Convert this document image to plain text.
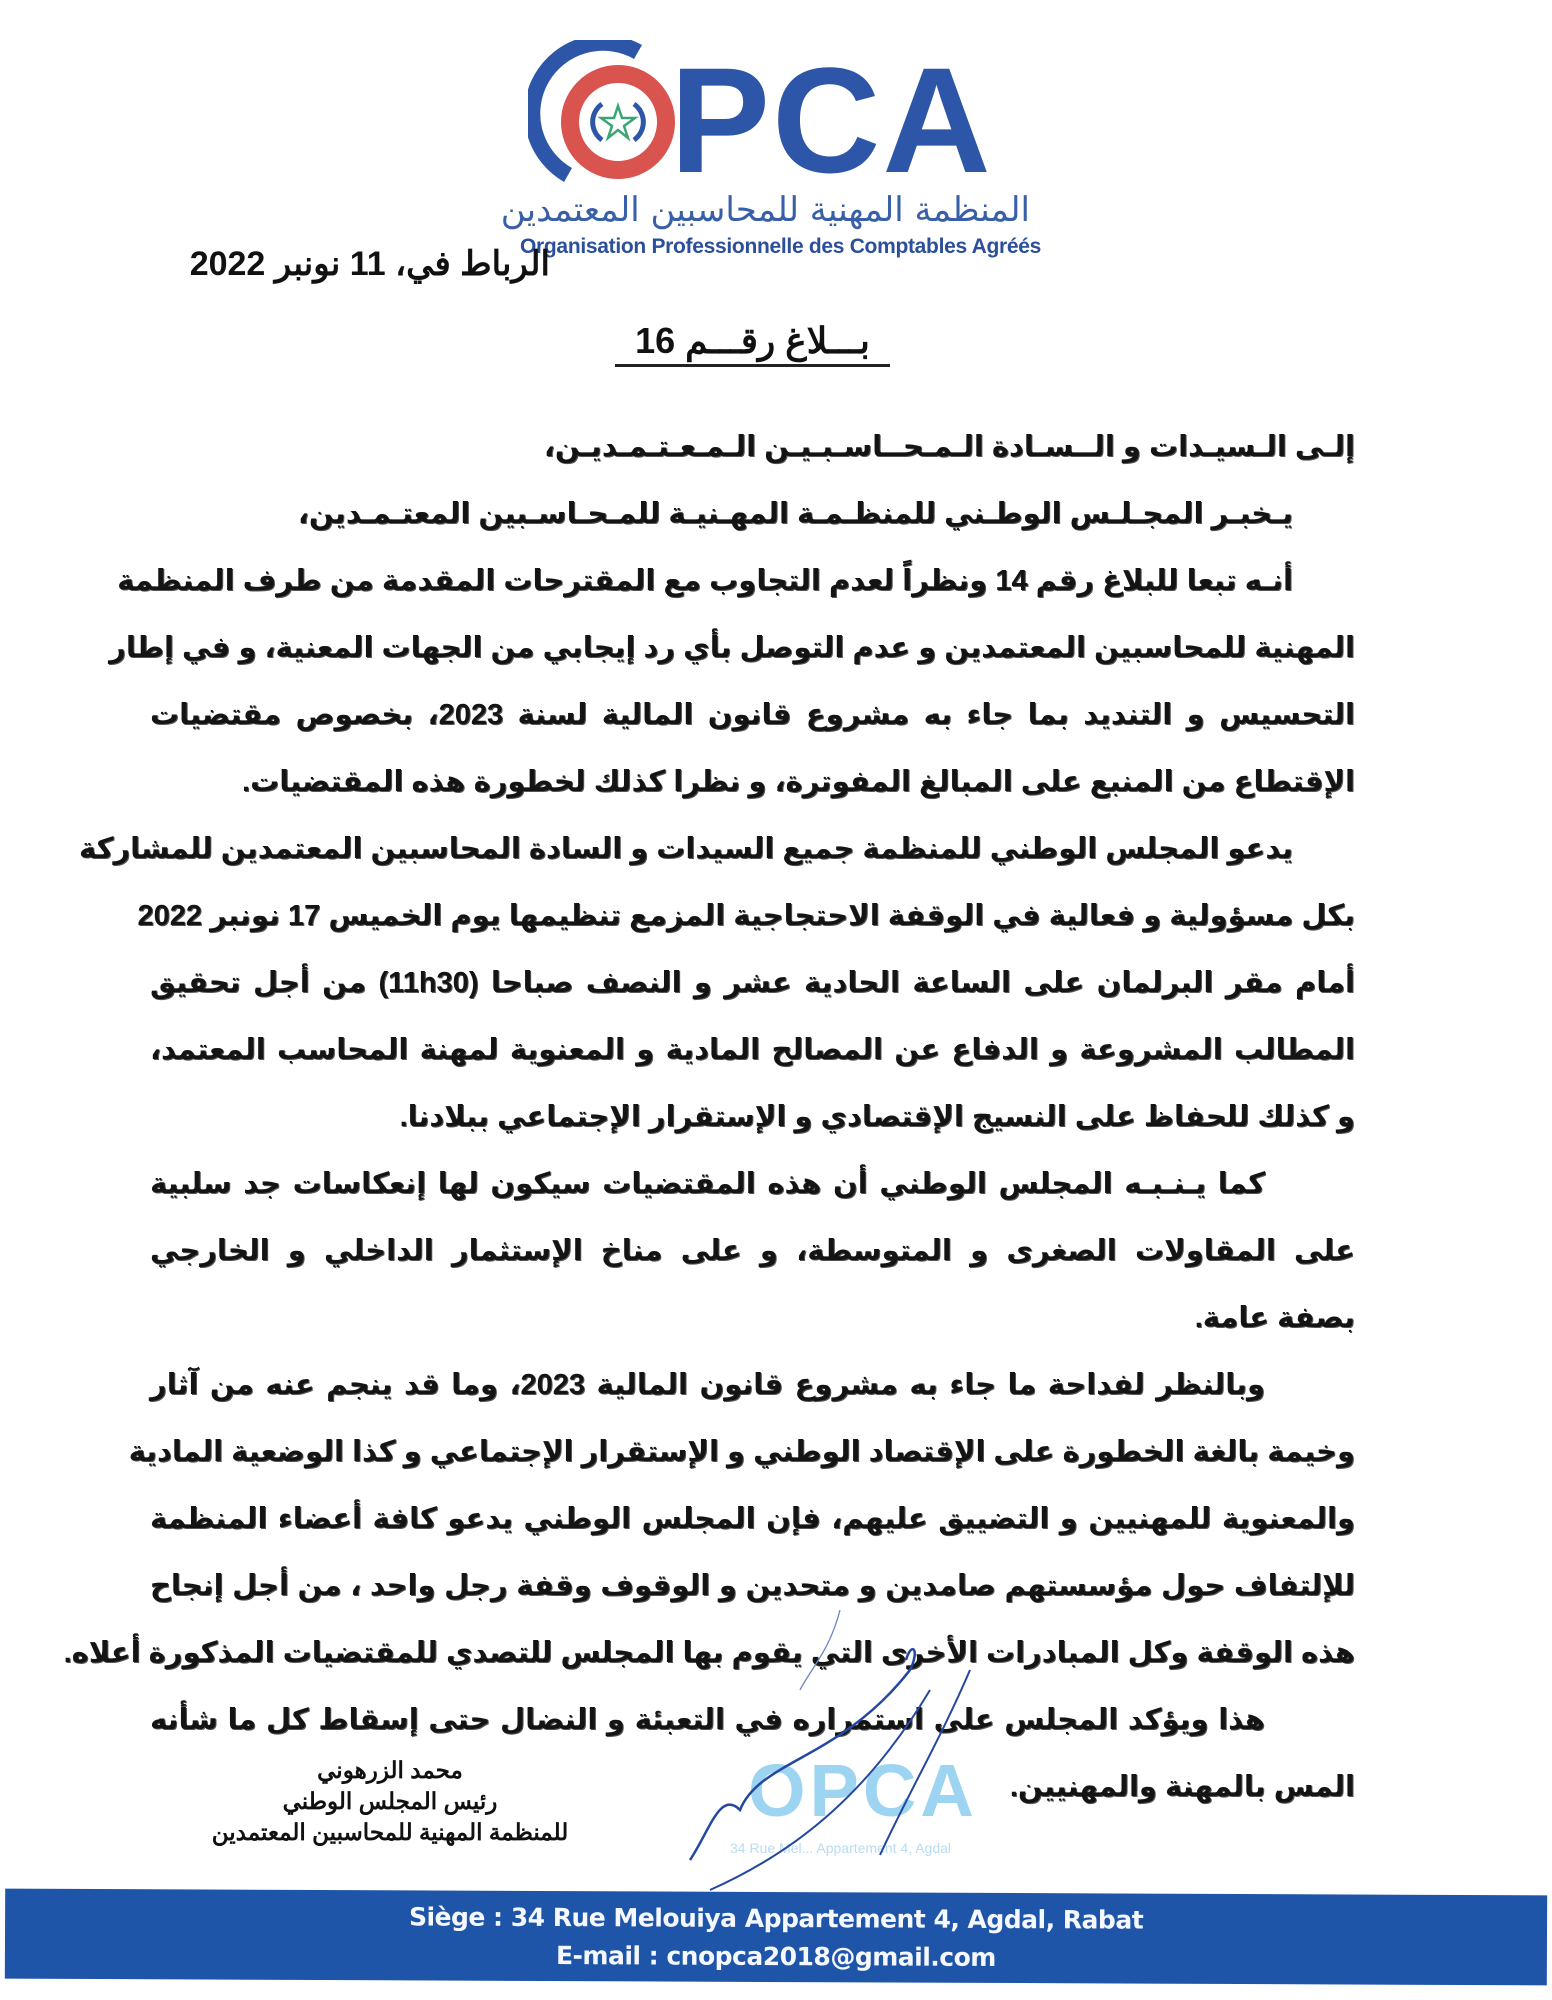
PCA
المنظمة المهنية للمحاسبين المعتمدين
Organisation Professionnelle des Comptables Agréés
الرباط في، 11 نونبر 2022
بـــلاغ رقـــم 16
إلـى الـسيـدات و الــسـادة الـمـحــاسـبـيـن الـمـعـتـمـديـن،
يـخبـر المجـلـس الوطـني للمنظـمـة المهـنيـة للمـحـاسـبين المعتـمـدين،
أنـه تبعا للبلاغ رقم 14 ونظراً لعدم التجاوب مع المقترحات المقدمة من طرف المنظمة
المهنية للمحاسبين المعتمدين و عدم التوصل بأي رد إيجابي من الجهات المعنية، و في إطار
التحسيس و التنديد بما جاء به مشروع قانون المالية لسنة 2023، بخصوص مقتضيات
الإقتطاع من المنبع على المبالغ المفوترة، و نظرا كذلك لخطورة هذه المقتضيات.
يدعو المجلس الوطني للمنظمة جميع السيدات و السادة المحاسبين المعتمدين للمشاركة
بكل مسؤولية و فعالية في الوقفة الاحتجاجية المزمع تنظيمها يوم الخميس 17 نونبر 2022
أمام مقر البرلمان على الساعة الحادية عشر و النصف صباحا (11h30) من أجل تحقيق
المطالب المشروعة و الدفاع عن المصالح المادية و المعنوية لمهنة المحاسب المعتمد،
و كذلك للحفاظ على النسيج الإقتصادي و الإستقرار الإجتماعي ببلادنا.
كما يـنـبـه المجلس الوطني أن هذه المقتضيات سيكون لها إنعكاسات جد سلبية
على المقاولات الصغرى و المتوسطة، و على مناخ الإستثمار الداخلي و الخارجي
بصفة عامة.
وبالنظر لفداحة ما جاء به مشروع قانون المالية 2023، وما قد ينجم عنه من آثار
وخيمة بالغة الخطورة على الإقتصاد الوطني و الإستقرار الإجتماعي و كذا الوضعية المادية
والمعنوية للمهنيين و التضييق عليهم، فإن المجلس الوطني يدعو كافة أعضاء المنظمة
للإلتفاف حول مؤسستهم صامدين و متحدين و الوقوف وقفة رجل واحد ، من أجل إنجاح
هذه الوقفة وكل المبادرات الأخرى التي يقوم بها المجلس للتصدي للمقتضيات المذكورة أعلاه.
هذا ويؤكد المجلس على استمراره في التعبئة و النضال حتى إسقاط كل ما شأنه
المس بالمهنة والمهنيين.
OPCA
34 Rue Mel... Appartement 4, Agdal
محمد الزرهوني
رئيس المجلس الوطني
للمنظمة المهنية للمحاسبين المعتمدين
Siège : 34 Rue Melouiya Appartement 4, Agdal, Rabat
E-mail : cnopca2018@gmail.com
